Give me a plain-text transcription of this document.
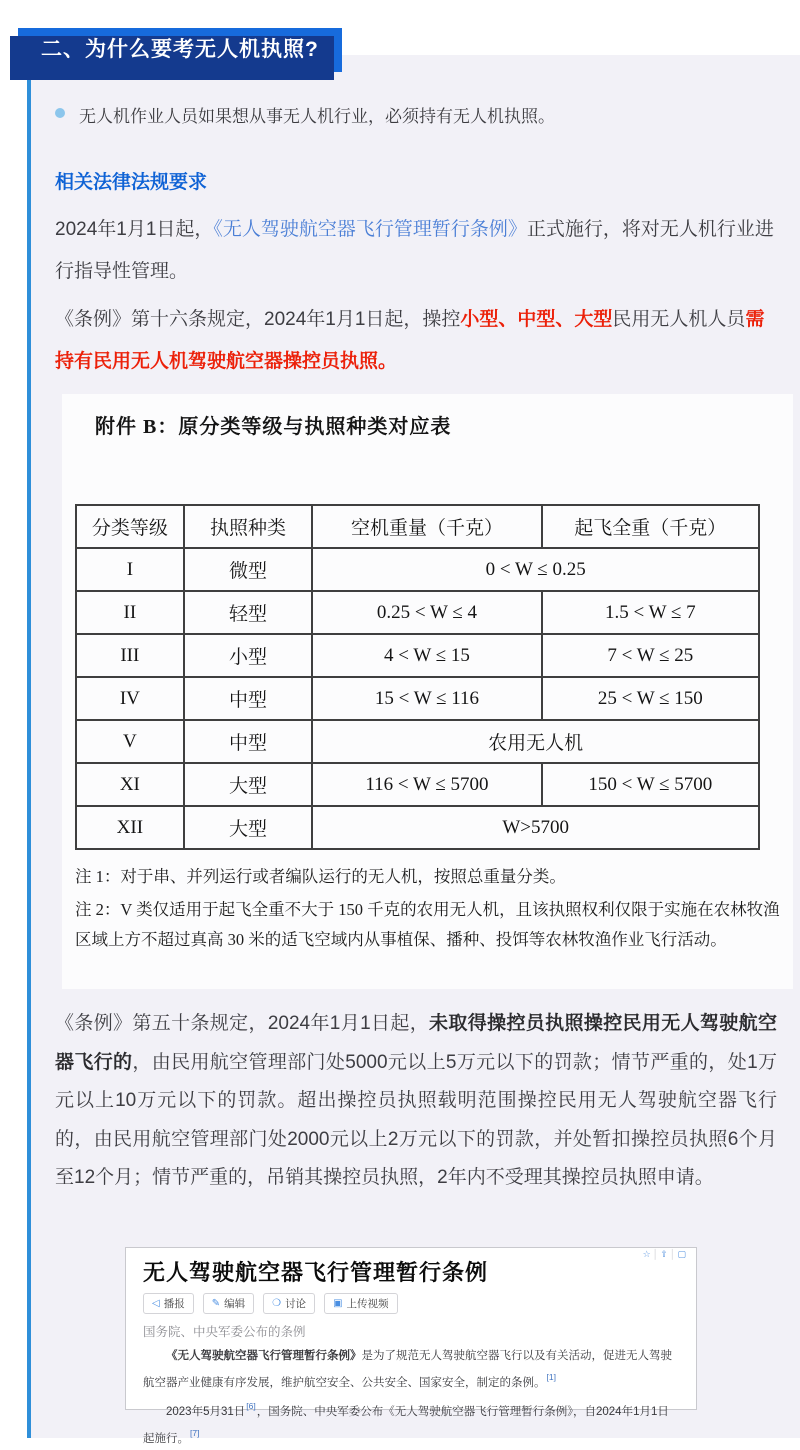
二、为什么要考无人机执照?
无人机作业人员如果想从事无人机行业，必须持有无人机执照。
相关法律法规要求

2024年1月1日起，《无人驾驶航空器飞行管理暂行条例》正式施行，将对无人机行业进行指导性管理。

《条例》第十六条规定，2024年1月1日起，操控小型、中型、大型民用无人机人员需持有民用无人机驾驶航空器操控员执照。

附件 B：原分类等级与执照种类对应表
分类等级	执照种类	空机重量（千克）	起飞全重（千克）
I	微型	0 < W ≤ 0.25	
II	轻型	0.25 < W ≤ 4	1.5 < W ≤ 7
III	小型	4 < W ≤ 15	7 < W ≤ 25
IV	中型	15 < W ≤ 116	25 < W ≤ 150
V	中型	农用无人机	
XI	大型	116 < W ≤ 5700	150 < W ≤ 5700
XII	大型	W>5700	
注 1：对于串、并列运行或者编队运行的无人机，按照总重量分类。
注 2：V 类仅适用于起飞全重不大于 150 千克的农用无人机，且该执照权利仅限于实施在农林牧渔区域上方不超过真高 30 米的适飞空域内从事植保、播种、投饵等农林牧渔作业飞行活动。

《条例》第五十条规定，2024年1月1日起，未取得操控员执照操控民用无人驾驶航空器飞行的，由民用航空管理部门处5000元以上5万元以下的罚款；情节严重的，处1万元以上10万元以下的罚款。超出操控员执照载明范围操控民用无人驾驶航空器飞行的，由民用航空管理部门处2000元以上2万元以下的罚款，并处暂扣操控员执照6个月至12个月；情节严重的，吊销其操控员执照，2年内不受理其操控员执照申请。

☆│⇪│▢
无人驾驶航空器飞行管理暂行条例
◁ 播报	✎ 编辑	❍ 讨论	▣ 上传视频
国务院、中央军委公布的条例

《无人驾驶航空器飞行管理暂行条例》是为了规范无人驾驶航空器飞行以及有关活动，促进无人驾驶航空器产业健康有序发展，维护航空安全、公共安全、国家安全，制定的条例。[1]

2023年5月31日[6]，国务院、中央军委公布《无人驾驶航空器飞行管理暂行条例》，自2024年1月1日起施行。[7]
